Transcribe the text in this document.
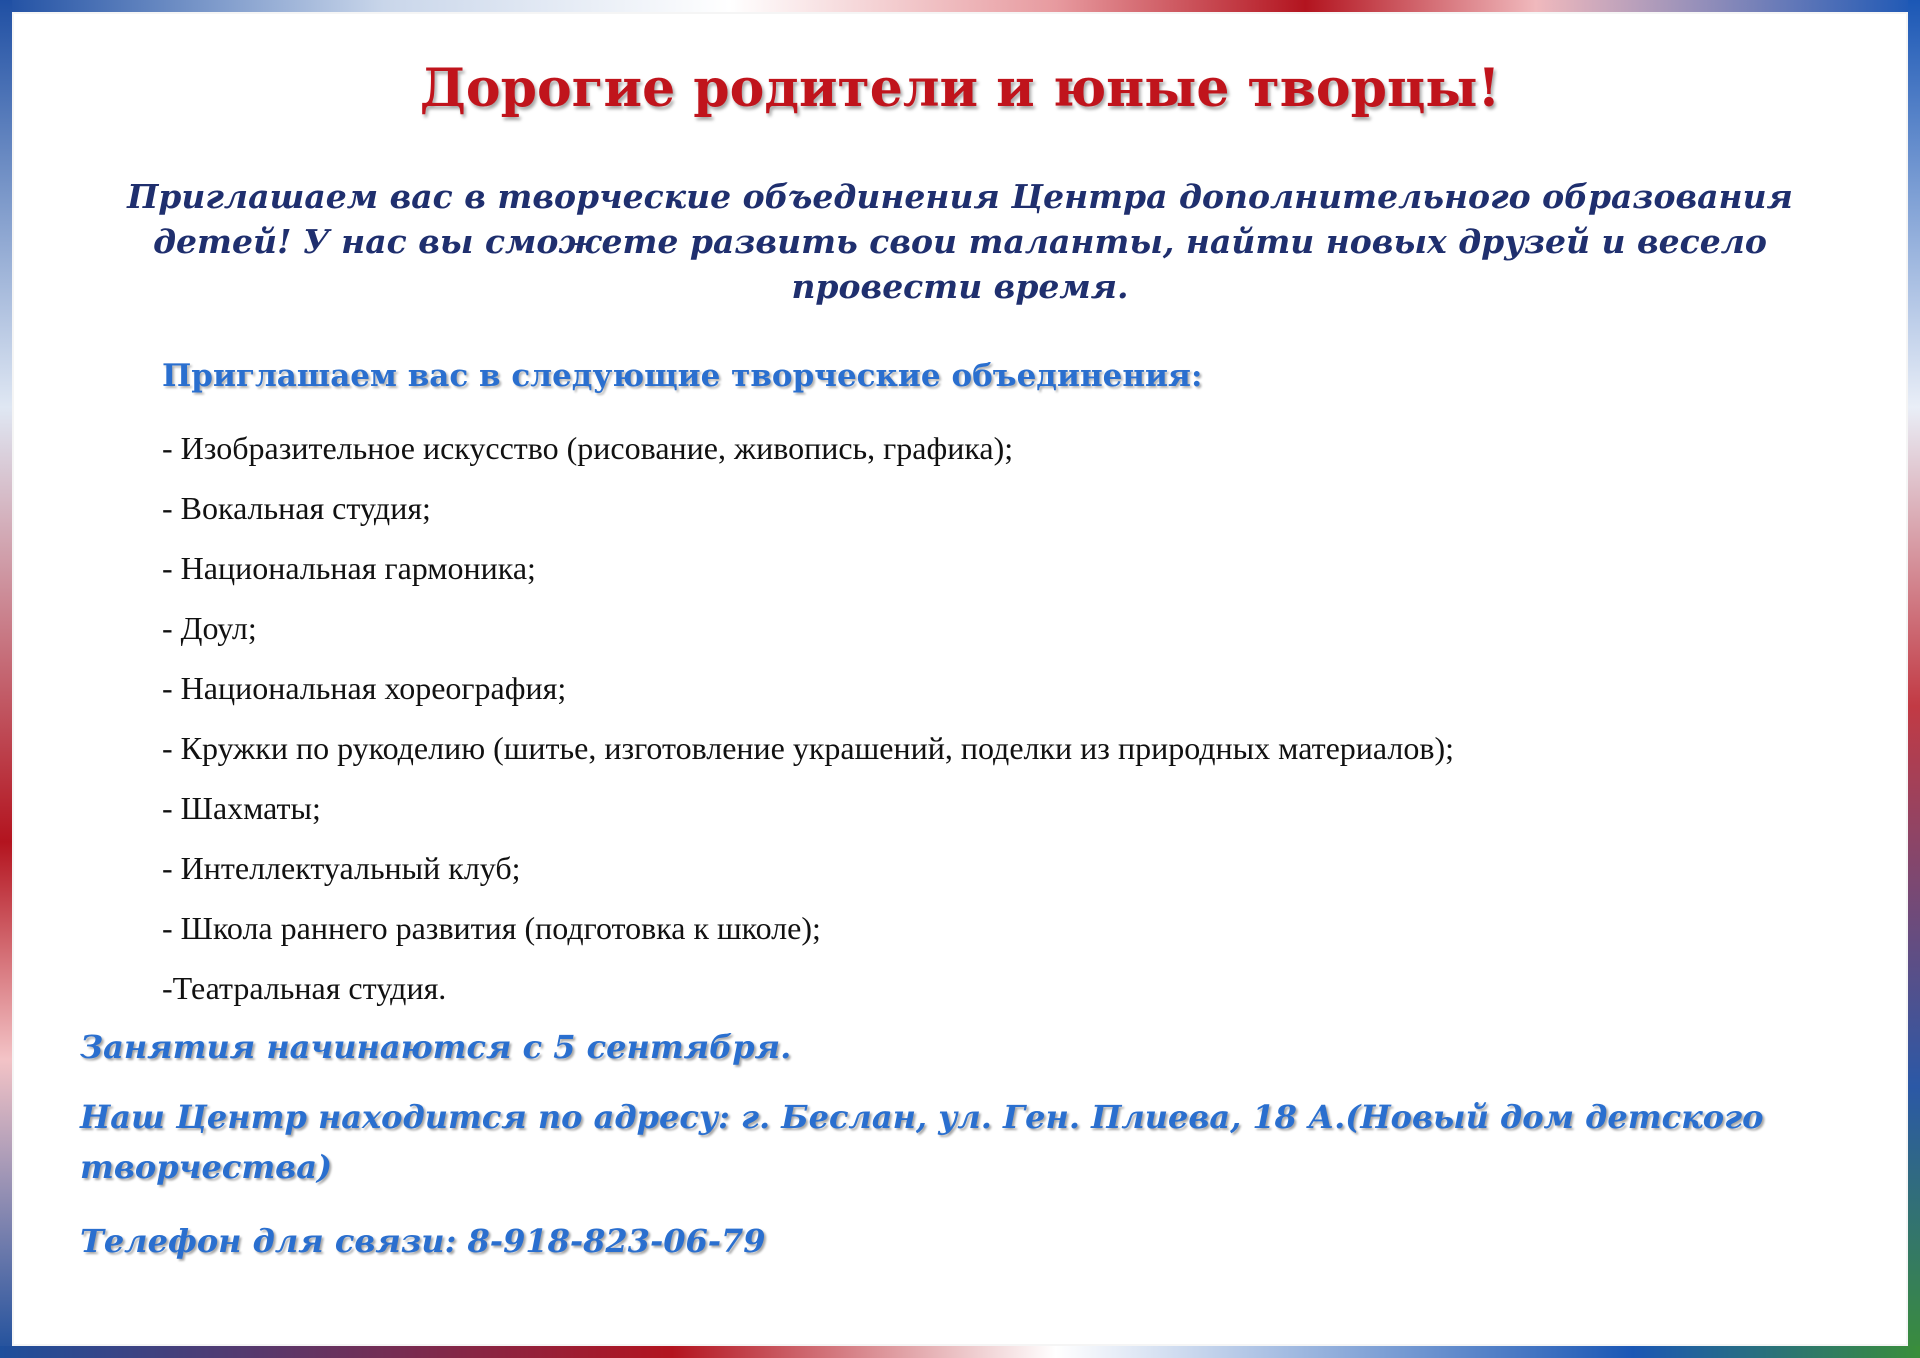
Дорогие родители и юные творцы!

Приглашаем вас в творческие объединения Центра дополнительного образования детей! У нас вы сможете развить свои таланты, найти новых друзей и весело провести время.

Приглашаем вас в следующие творческие объединения:

- Изобразительное искусство (рисование, живопись, графика);
- Вокальная студия;
- Национальная гармоника;
- Доул;
- Национальная хореография;
- Кружки по рукоделию (шитье, изготовление украшений, поделки из природных материалов);
- Шахматы;
- Интеллектуальный клуб;
- Школа раннего развития (подготовка к школе);
-Театральная студия.

Занятия начинаются с 5 сентября.

Наш Центр находится по адресу: г. Беслан, ул. Ген. Плиева, 18 А.(Новый дом детского творчества)

Телефон для связи: 8-918-823-06-79
